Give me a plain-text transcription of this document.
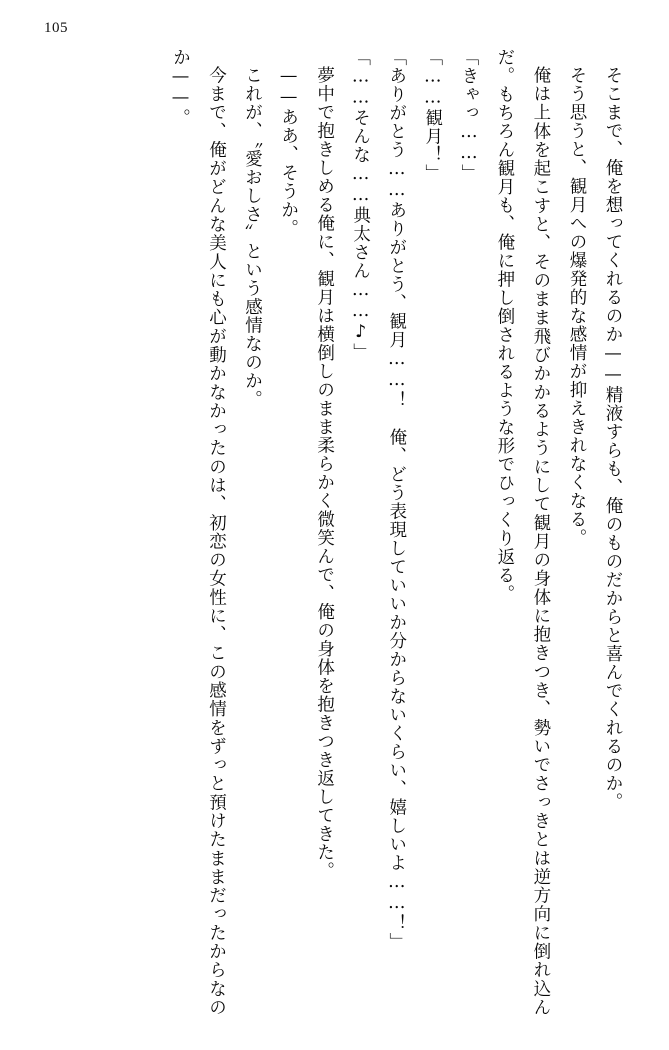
105

そこまで、俺を想ってくれるのか——精液すらも、俺のものだからと喜んでくれるのか。

そう思うと、観月への爆発的な感情が抑えきれなくなる。

俺は上体を起こすと、そのまま飛びかかるようにして観月の身体に抱きつき、勢いでさっきとは逆方向に倒れ込んだ。もちろん観月も、俺に押し倒されるような形でひっくり返る。

「きゃっ……」

「……観月！」

「ありがとう……ありがとう、観月……！　俺、どう表現していいか分からないくらい、嬉しいよ……！」

「……そんな……典太さん……♪」

夢中で抱きしめる俺に、観月は横倒しのまま柔らかく微笑んで、俺の身体を抱きつき返してきた。

——ああ、そうか。

これが、〝愛おしさ〟という感情なのか。

今まで、俺がどんな美人にも心が動かなかったのは、初恋の女性に、この感情をずっと預けたままだったからなのか——。
